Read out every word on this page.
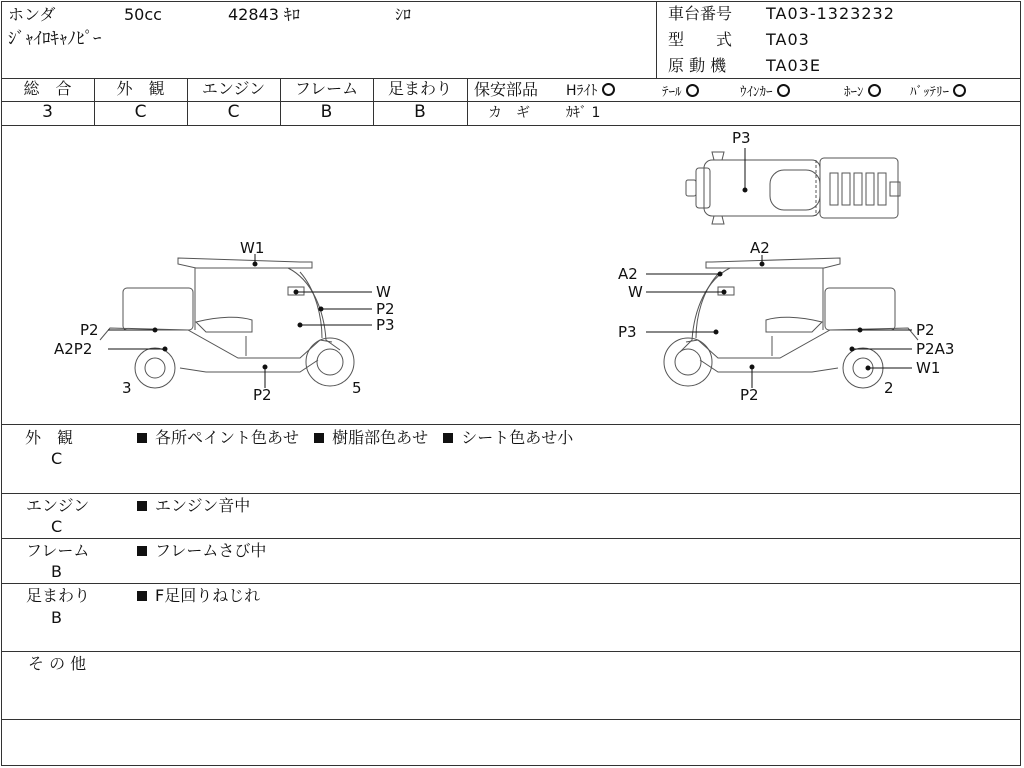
ホンダ	50cc	42843 ｷﾛ	ｼﾛ
ｼﾞｬｲﾛｷｬﾉﾋﾟｰ
車台番号 TA03-1323232
型　　式 TA03
原 動 機 TA03E
総　合	外　観	エンジン	フレーム	足まわり
3	C	C	B	B
保安部品 Hﾗｲﾄ	ﾃｰﾙ	ｳｲﾝｶｰ	ﾎｰﾝ	ﾊﾞｯﾃﾘｰ
カ　ギ	ｶｷﾞ 1
P3
W1
W
P2
P3
P2
A2P2
3	P2	5
A2
A2
W
P3	P2
P2A3
W1
2
P2
外　観
C
各所ペイント色あせ 樹脂部色あせ シート色あせ小
エンジン
C
エンジン音中
フレーム
B
フレームさび中
足まわり
B
F足回りねじれ
そ の 他
